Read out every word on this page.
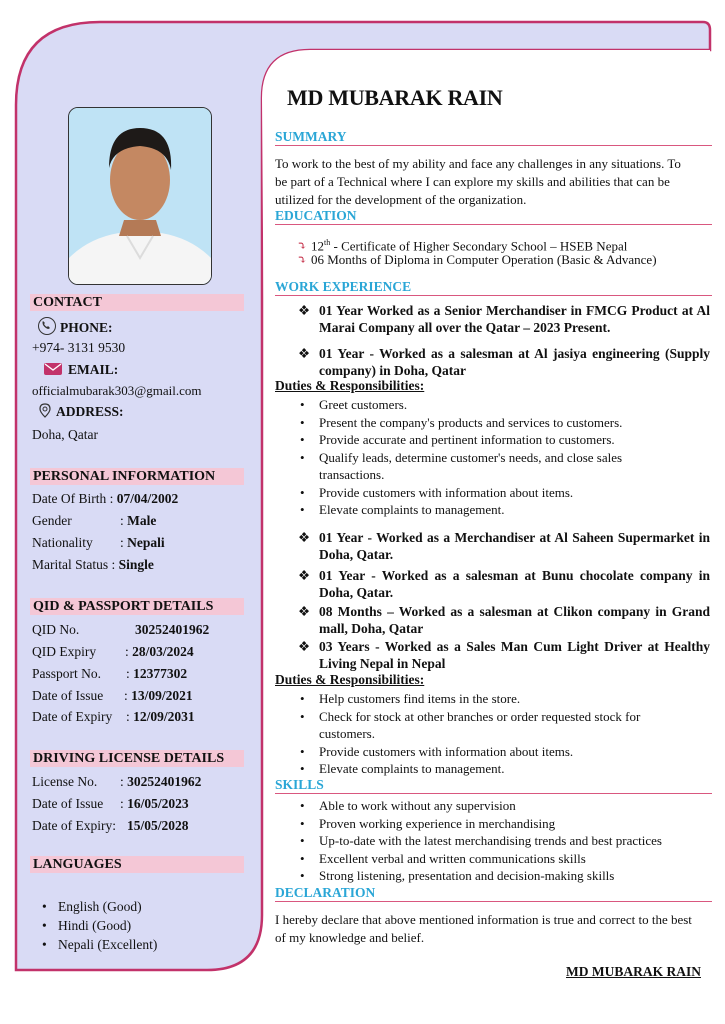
CONTACT
PHONE:
+974- 3131 9530
EMAIL:
officialmubarak303@gmail.com
ADDRESS:
Doha, Qatar
PERSONAL INFORMATION
Date Of Birth : 07/04/2002
Gender	: Male
Nationality : Nepali
Marital Status : Single
QID & PASSPORT DETAILS
QID No.	30252401962
QID Expiry : 28/03/2024
Passport No. : 12377302
Date of Issue : 13/09/2021
Date of Expiry : 12/09/2031
DRIVING LICENSE DETAILS
License No. : 30252401962
Date of Issue : 16/05/2023
Date of Expiry: 15/05/2028
LANGUAGES
• English (Good)
• Hindi (Good)
• Nepali (Excellent)
MD MUBARAK RAIN
SUMMARY
To work to the best of my ability and face any challenges in any situations. To be part of a Technical where I can explore my skills and abilities that can be utilized for the development of the organization.
EDUCATION
⤵ 12th - Certificate of Higher Secondary School – HSEB Nepal
⤵ 06 Months of Diploma in Computer Operation (Basic & Advance)
WORK EXPERIENCE
❖ 01 Year Worked as a Senior Merchandiser in FMCG Product at Al Marai Company all over the Qatar – 2023 Present.
❖ 01 Year - Worked as a salesman at Al jasiya engineering (Supply company) in Doha, Qatar
Duties & Responsibilities:
• Greet customers.
• Present the company's products and services to customers.
• Provide accurate and pertinent information to customers.
• Qualify leads, determine customer's needs, and close sales transactions.
• Provide customers with information about items.
• Elevate complaints to management.
❖ 01 Year - Worked as a Merchandiser at Al Saheen Supermarket in Doha, Qatar.
❖ 01 Year - Worked as a salesman at Bunu chocolate company in Doha, Qatar.
❖ 08 Months – Worked as a salesman at Clikon company in Grand mall, Doha, Qatar
❖ 03 Years - Worked as a Sales Man Cum Light Driver at Healthy Living Nepal in Nepal
Duties & Responsibilities:
• Help customers find items in the store.
• Check for stock at other branches or order requested stock for customers.
• Provide customers with information about items.
• Elevate complaints to management.
SKILLS
• Able to work without any supervision
• Proven working experience in merchandising
• Up-to-date with the latest merchandising trends and best practices
• Excellent verbal and written communications skills
• Strong listening, presentation and decision-making skills
DECLARATION
I hereby declare that above mentioned information is true and correct to the best of my knowledge and belief.
MD MUBARAK RAIN
